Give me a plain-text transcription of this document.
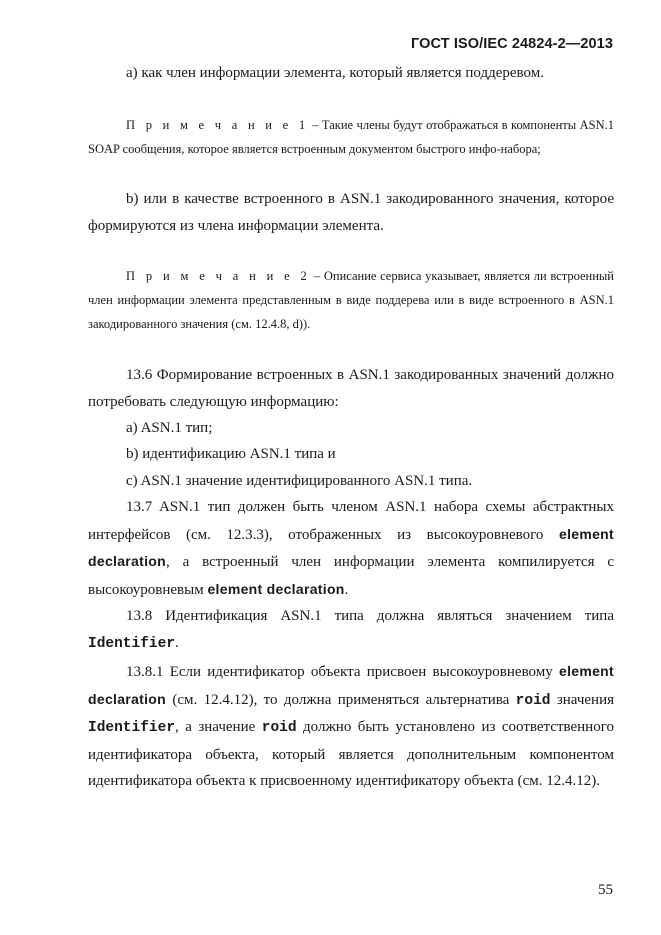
ГОСТ ISO/IEC 24824-2—2013

а) как член информации элемента, который является поддеревом.

П р и м е ч а н и е 1 – Такие члены будут отображаться в компоненты ASN.1 SOAP сообщения, которое является встроенным документом быстрого инфо-набора;

b) или в качестве встроенного в ASN.1 закодированного значения, которое формируются из члена информации элемента.

П р и м е ч а н и е 2 – Описание сервиса указывает, является ли встроенный член информации элемента представленным в виде поддерева или в виде встроенного в ASN.1 закодированного значения (см. 12.4.8, d)).

13.6 Формирование встроенных в ASN.1 закодированных значений должно потребовать следующую информацию:

a) ASN.1 тип;

b) идентификацию ASN.1 типа и

c) ASN.1 значение идентифицированного ASN.1 типа.

13.7 ASN.1 тип должен быть членом ASN.1 набора схемы абстрактных интерфейсов (см. 12.3.3), отображенных из высокоуровневого element declaration, а встроенный член информации элемента компилируется с высокоуровневым element declaration.

13.8 Идентификация ASN.1 типа должна являться значением типа Identifier.

13.8.1 Если идентификатор объекта присвоен высокоуровневому element declaration (см. 12.4.12), то должна применяться альтернатива roid значения Identifier, а значение roid должно быть установлено из соответственного идентификатора объекта, который является дополнительным компонентом идентификатора объекта к присвоенному идентификатору объекта (см. 12.4.12).

55
